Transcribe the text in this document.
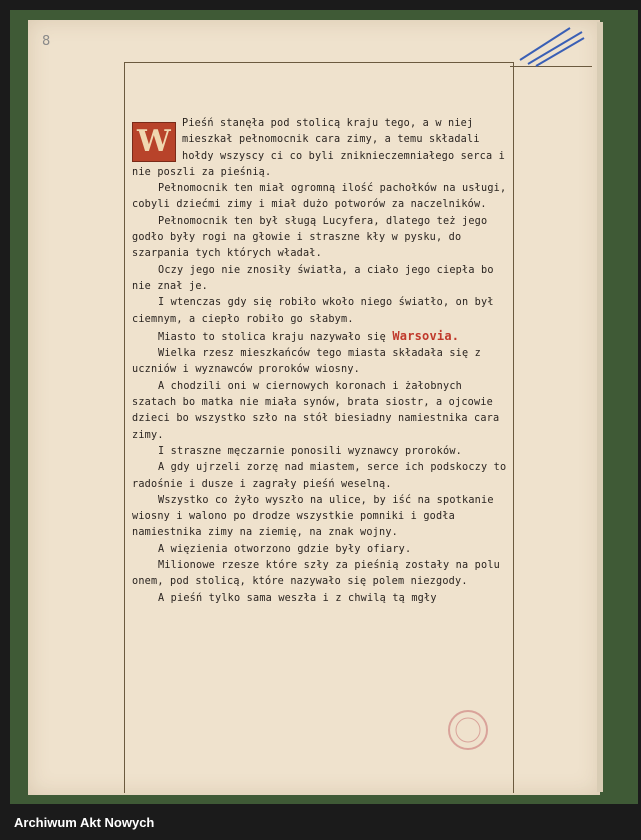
8

W
Pieśń stanęła pod stolicą kraju tego, a w niej mieszkał pełnomocnik cara zimy, a temu składali hołdy wszyscy ci co byli zniknieczemniałego serca i nie poszli za pieśnią.

Pełnomocnik ten miał ogromną ilość pachołków na usługi, cobyli dziećmi zimy i miał dużo potworów za naczelników.

Pełnomocnik ten był sługą Lucyfera, dlatego też jego godło były rogi na głowie i straszne kły w pysku, do szarpania tych których władał.

Oczy jego nie znosiły światła, a ciało jego ciepła bo nie znał je.

I wtenczas gdy się robiło wkoło niego światło, on był ciemnym, a ciepło robiło go słabym.

Miasto to stolica kraju nazywało się Warsovia.

Wielka rzesz mieszkańców tego miasta składała się z uczniów i wyznawców proroków wiosny.

A chodzili oni w ciernowych koronach i żałobnych szatach bo matka nie miała synów, brata siostr, a ojcowie dzieci bo wszystko szło na stół biesiadny namiestnika cara zimy.

I straszne męczarnie ponosili wyznawcy proroków.

A gdy ujrzeli zorzę nad miastem, serce ich podskoczy to radośnie i dusze i zagrały pieśń weselną.

Wszystko co żyło wyszło na ulice, by iść na spotkanie wiosny i walono po drodze wszystkie pomniki i godła namiestnika zimy na ziemię, na znak wojny.

A więzienia otworzono gdzie były ofiary.

Milionowe rzesze które szły za pieśnią zostały na polu onem, pod stolicą, które nazywało się polem niezgody.

A pieśń tylko sama weszła i z chwilą tą mgły

Archiwum Akt Nowych
